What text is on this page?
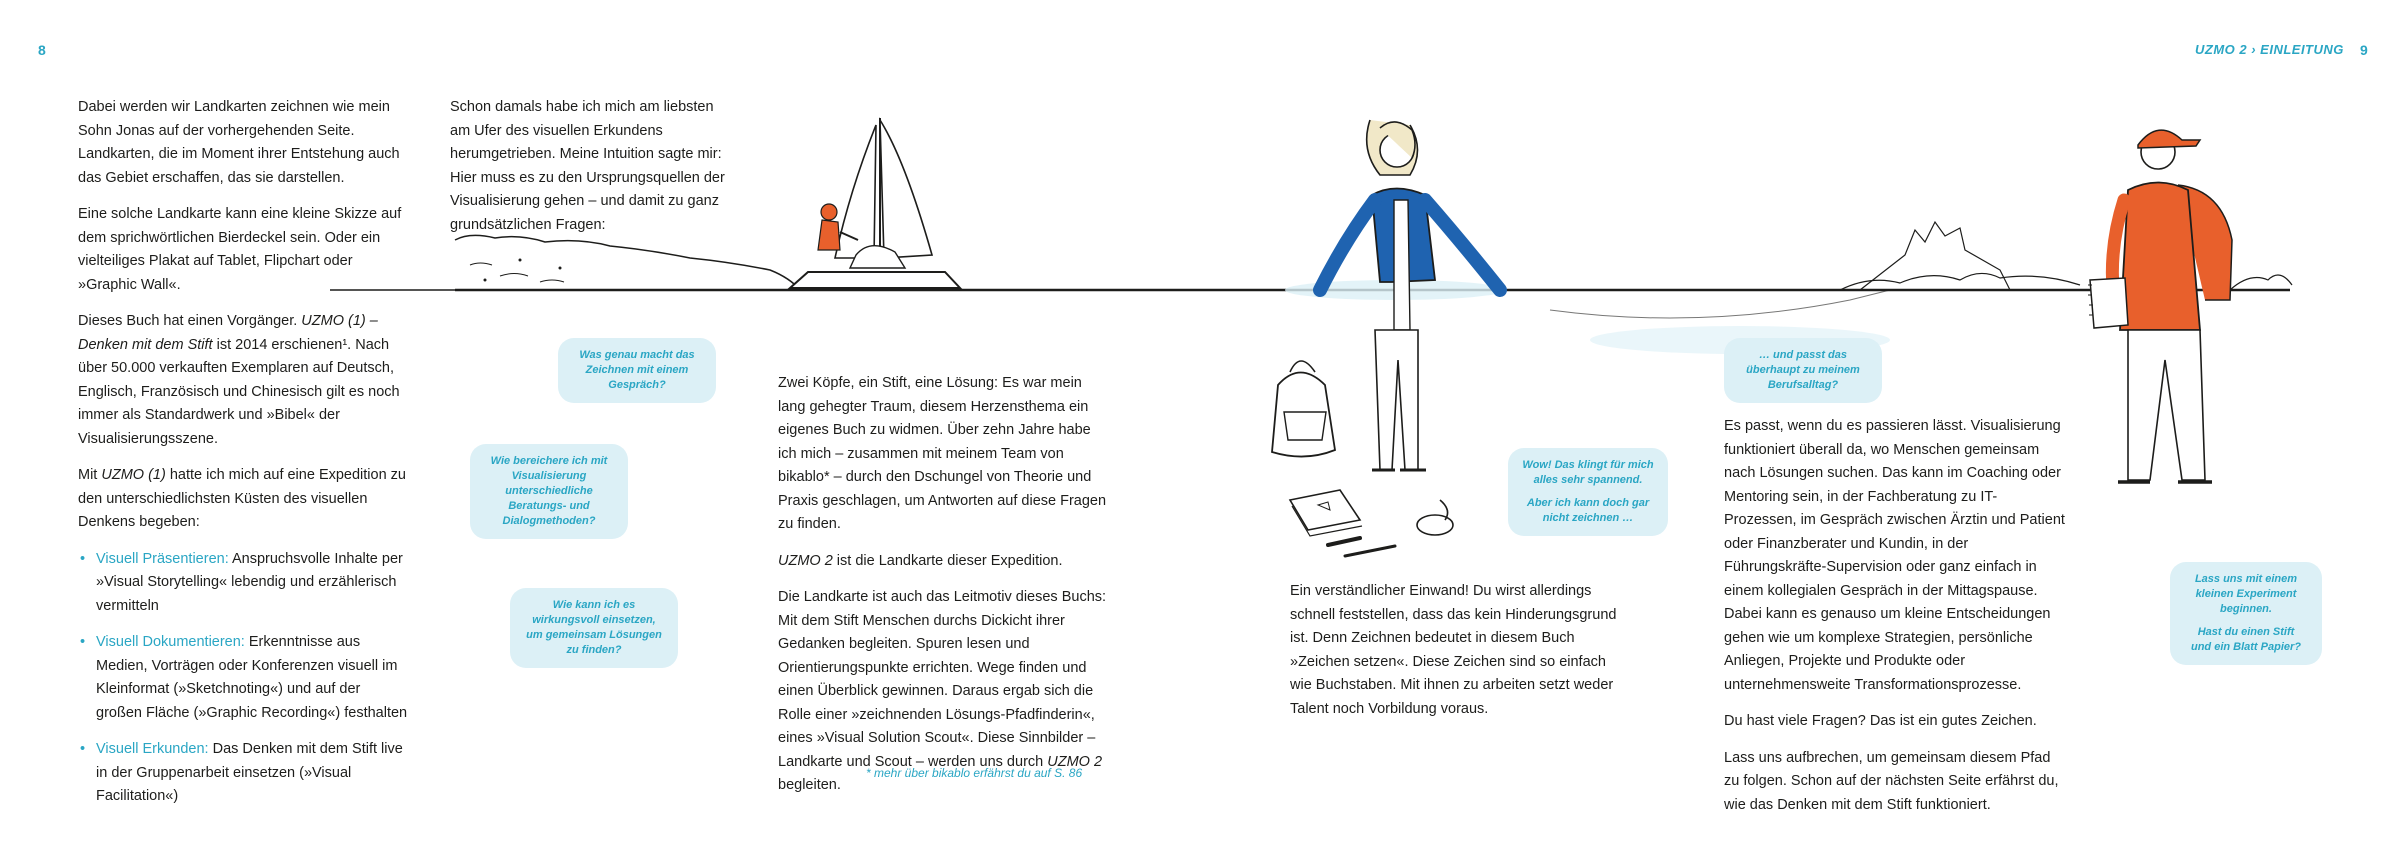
8	UZMO 2 › EINLEITUNG 9

Dabei werden wir Landkarten zeichnen wie mein Sohn Jonas auf der vorhergehenden Seite. Landkarten, die im Moment ihrer Entstehung auch das Gebiet erschaffen, das sie darstellen.

Eine solche Landkarte kann eine kleine Skizze auf dem sprichwörtlichen Bierdeckel sein. Oder ein vielteiliges Plakat auf Tablet, Flipchart oder »Graphic Wall«.

Dieses Buch hat einen Vorgänger. UZMO (1) – Denken mit dem Stift ist 2014 erschienen¹. Nach über 50.000 verkauften Exemplaren auf Deutsch, Englisch, Französisch und Chinesisch gilt es noch immer als Standardwerk und »Bibel« der Visualisierungsszene.

Mit UZMO (1) hatte ich mich auf eine Expedition zu den unterschiedlichsten Küsten des visuellen Denkens begeben:

• Visuell Präsentieren: Anspruchsvolle Inhalte per »Visual Storytelling« lebendig und erzählerisch vermitteln
• Visuell Dokumentieren: Erkenntnisse aus Medien, Vorträgen oder Konferenzen visuell im Kleinformat (»Sketchnoting«) und auf der großen Fläche (»Graphic Recording«) festhalten
• Visuell Erkunden: Das Denken mit dem Stift live in der Gruppenarbeit einsetzen (»Visual Facilitation«)

Schon damals habe ich mich am liebsten am Ufer des visuellen Erkundens herumgetrieben. Meine Intuition sagte mir: Hier muss es zu den Ursprungsquellen der Visualisierung gehen – und damit zu ganz grundsätzlichen Fragen:

Zwei Köpfe, ein Stift, eine Lösung: Es war mein lang gehegter Traum, diesem Herzensthema ein eigenes Buch zu widmen. Über zehn Jahre habe ich mich – zusammen mit meinem Team von bikablo* – durch den Dschungel von Theorie und Praxis geschlagen, um Antworten auf diese Fragen zu finden.

UZMO 2 ist die Landkarte dieser Expedition.

Die Landkarte ist auch das Leitmotiv dieses Buchs: Mit dem Stift Menschen durchs Dickicht ihrer Gedanken begleiten. Spuren lesen und Orientierungspunkte errichten. Wege finden und einen Überblick gewinnen. Daraus ergab sich die Rolle einer »zeichnenden Lösungs-Pfadfinderin«, eines »Visual Solution Scout«. Diese Sinnbilder – Landkarte und Scout – werden uns durch UZMO 2 begleiten.

Ein verständlicher Einwand! Du wirst allerdings schnell feststellen, dass das kein Hinderungsgrund ist. Denn Zeichnen bedeutet in diesem Buch »Zeichen setzen«. Diese Zeichen sind so einfach wie Buchstaben. Mit ihnen zu arbeiten setzt weder Talent noch Vorbildung voraus.

Es passt, wenn du es passieren lässt. Visualisierung funktioniert überall da, wo Menschen gemeinsam nach Lösungen suchen. Das kann im Coaching oder Mentoring sein, in der Fachberatung zu IT-Prozessen, im Gespräch zwischen Ärztin und Patient oder Finanzberater und Kundin, in der Führungskräfte-Supervision oder ganz einfach in einem kollegialen Gespräch in der Mittagspause. Dabei kann es genauso um kleine Entscheidungen gehen wie um komplexe Strategien, persönliche Anliegen, Projekte und Produkte oder unternehmensweite Transformationsprozesse.

Du hast viele Fragen? Das ist ein gutes Zeichen.

Lass uns aufbrechen, um gemeinsam diesem Pfad zu folgen. Schon auf der nächsten Seite erfährst du, wie das Denken mit dem Stift funktioniert.

Was genau macht das
Zeichnen mit einem
Gespräch?
Wie bereichere ich mit
Visualisierung
unterschiedliche
Beratungs- und
Dialogmethoden?
Wie kann ich es
wirkungsvoll einsetzen,
um gemeinsam Lösungen
zu finden?
Wow! Das klingt für mich
alles sehr spannend.
Aber ich kann doch gar
nicht zeichnen …
… und passt das
überhaupt zu meinem
Berufsalltag?
Lass uns mit einem
kleinen Experiment
beginnen.
Hast du einen Stift
und ein Blatt Papier?
* mehr über bikablo erfährst du auf S. 86
